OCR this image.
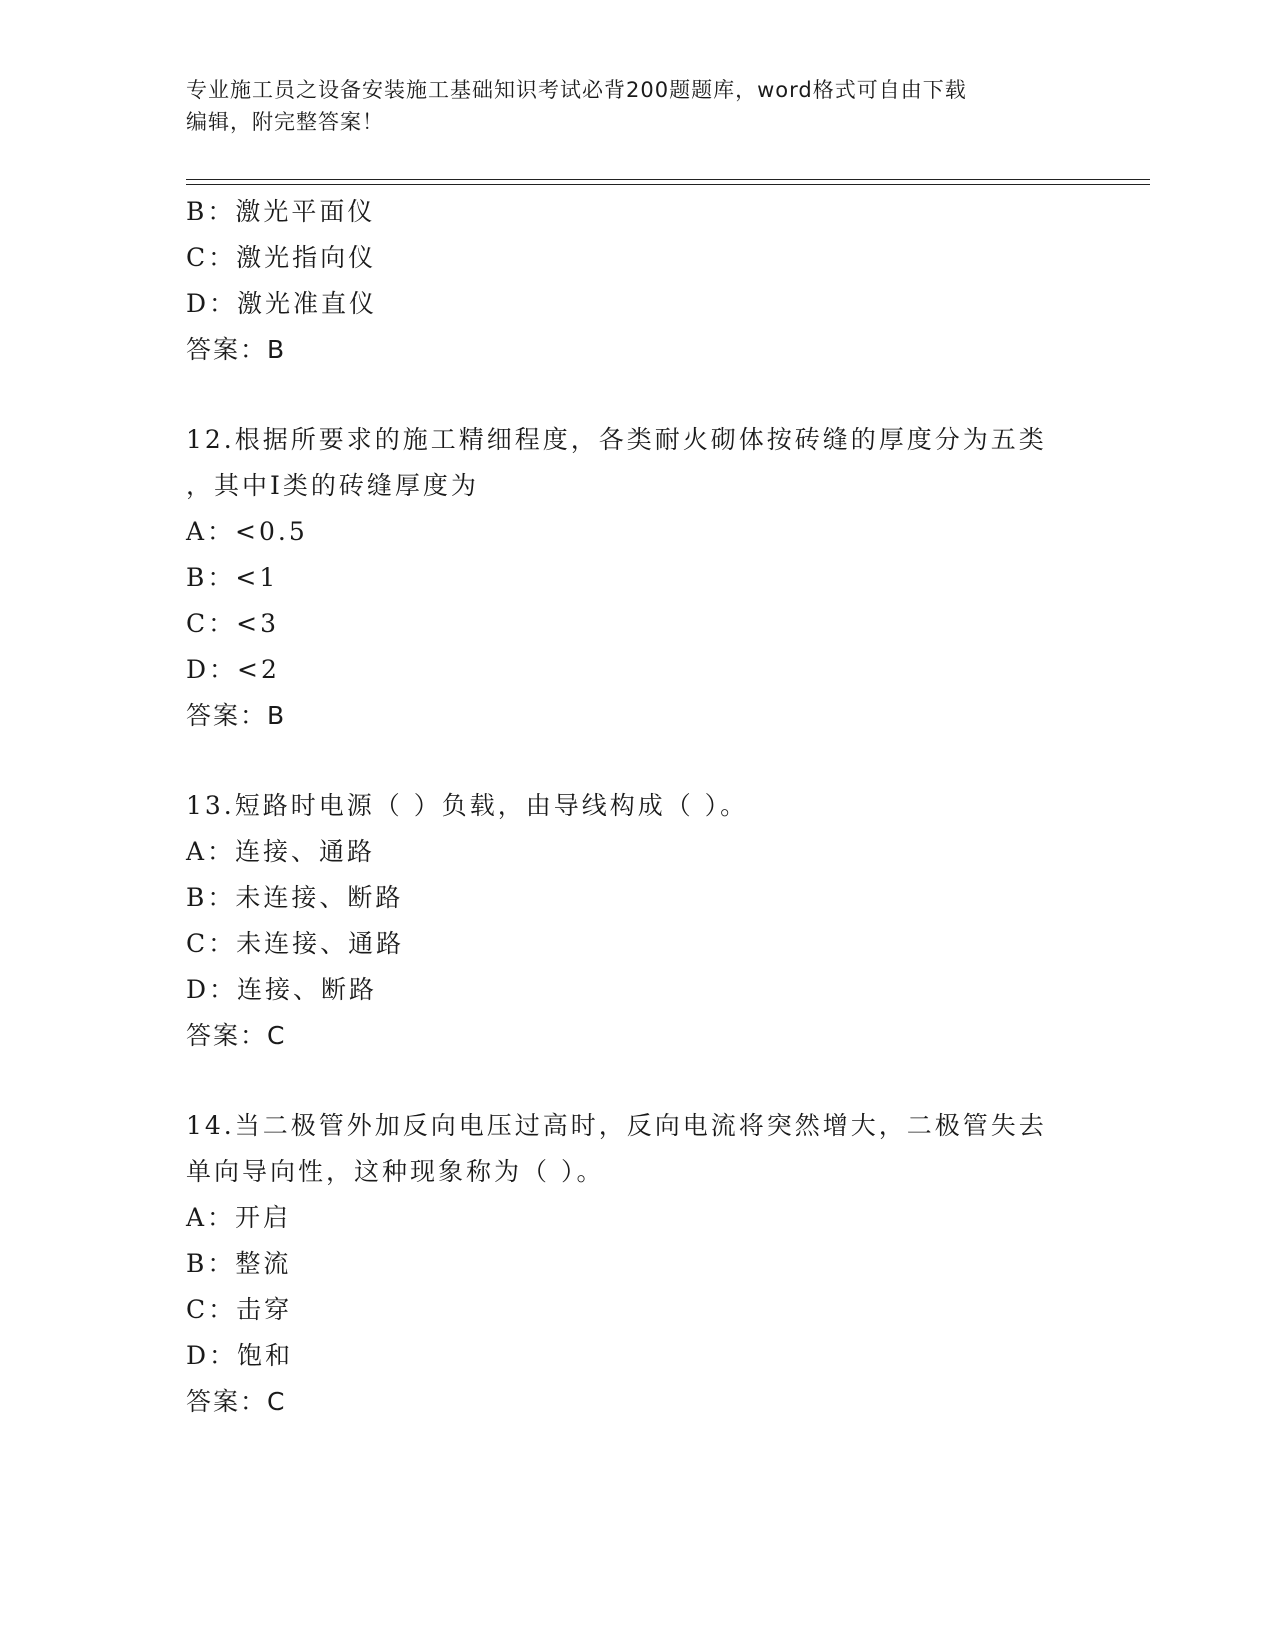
专业施工员之设备安装施工基础知识考试必背200题题库，word格式可自由下载
编辑，附完整答案！
B：激光平面仪
C：激光指向仪
D：激光准直仪
答案：B
12.根据所要求的施工精细程度，各类耐火砌体按砖缝的厚度分为五类
，其中Ⅰ类的砖缝厚度为
A：<0.5
B：<1
C：<3
D：<2
答案：B
13.短路时电源（ ）负载，由导线构成（ ）。
A：连接、通路
B：未连接、断路
C：未连接、通路
D：连接、断路
答案：C
14.当二极管外加反向电压过高时，反向电流将突然增大，二极管失去
单向导向性，这种现象称为（ ）。
A：开启
B：整流
C：击穿
D：饱和
答案：C
